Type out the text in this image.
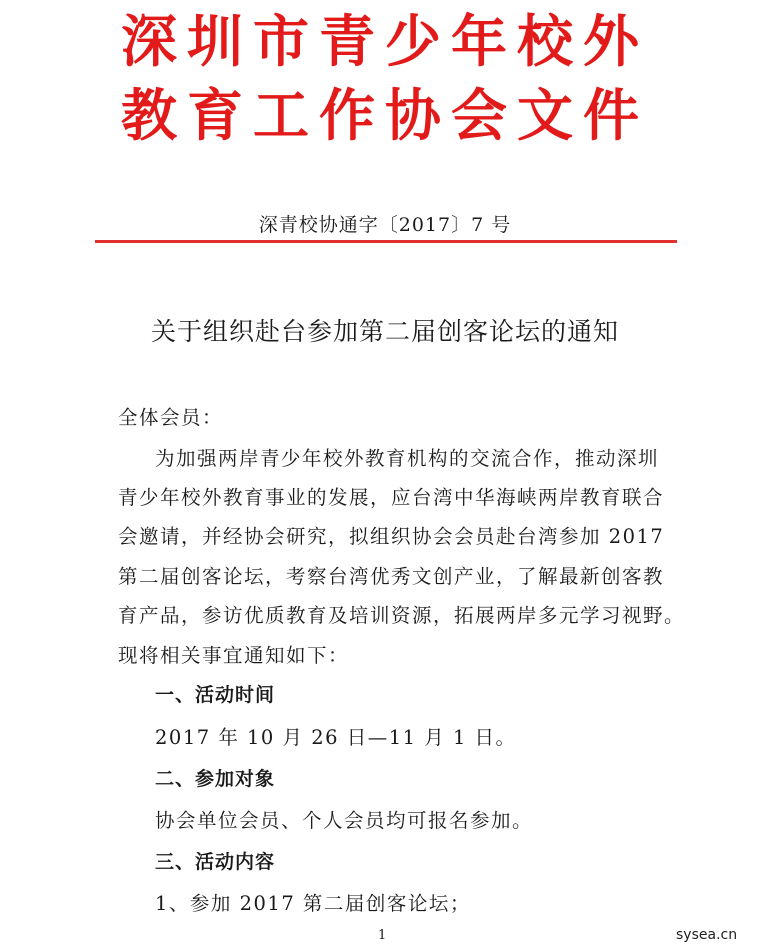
深圳市青少年校外
教育工作协会文件
深青校协通字〔2017〕7 号
关于组织赴台参加第二届创客论坛的通知
全体会员：
为加强两岸青少年校外教育机构的交流合作，推动深圳
青少年校外教育事业的发展，应台湾中华海峡两岸教育联合
会邀请，并经协会研究，拟组织协会会员赴台湾参加 2017
第二届创客论坛，考察台湾优秀文创产业，了解最新创客教
育产品，参访优质教育及培训资源，拓展两岸多元学习视野。
现将相关事宜通知如下：
一、活动时间
2017 年 10 月 26 日—11 月 1 日。
二、参加对象
协会单位会员、个人会员均可报名参加。
三、活动内容
1、参加 2017 第二届创客论坛；
1	sysea.cn
